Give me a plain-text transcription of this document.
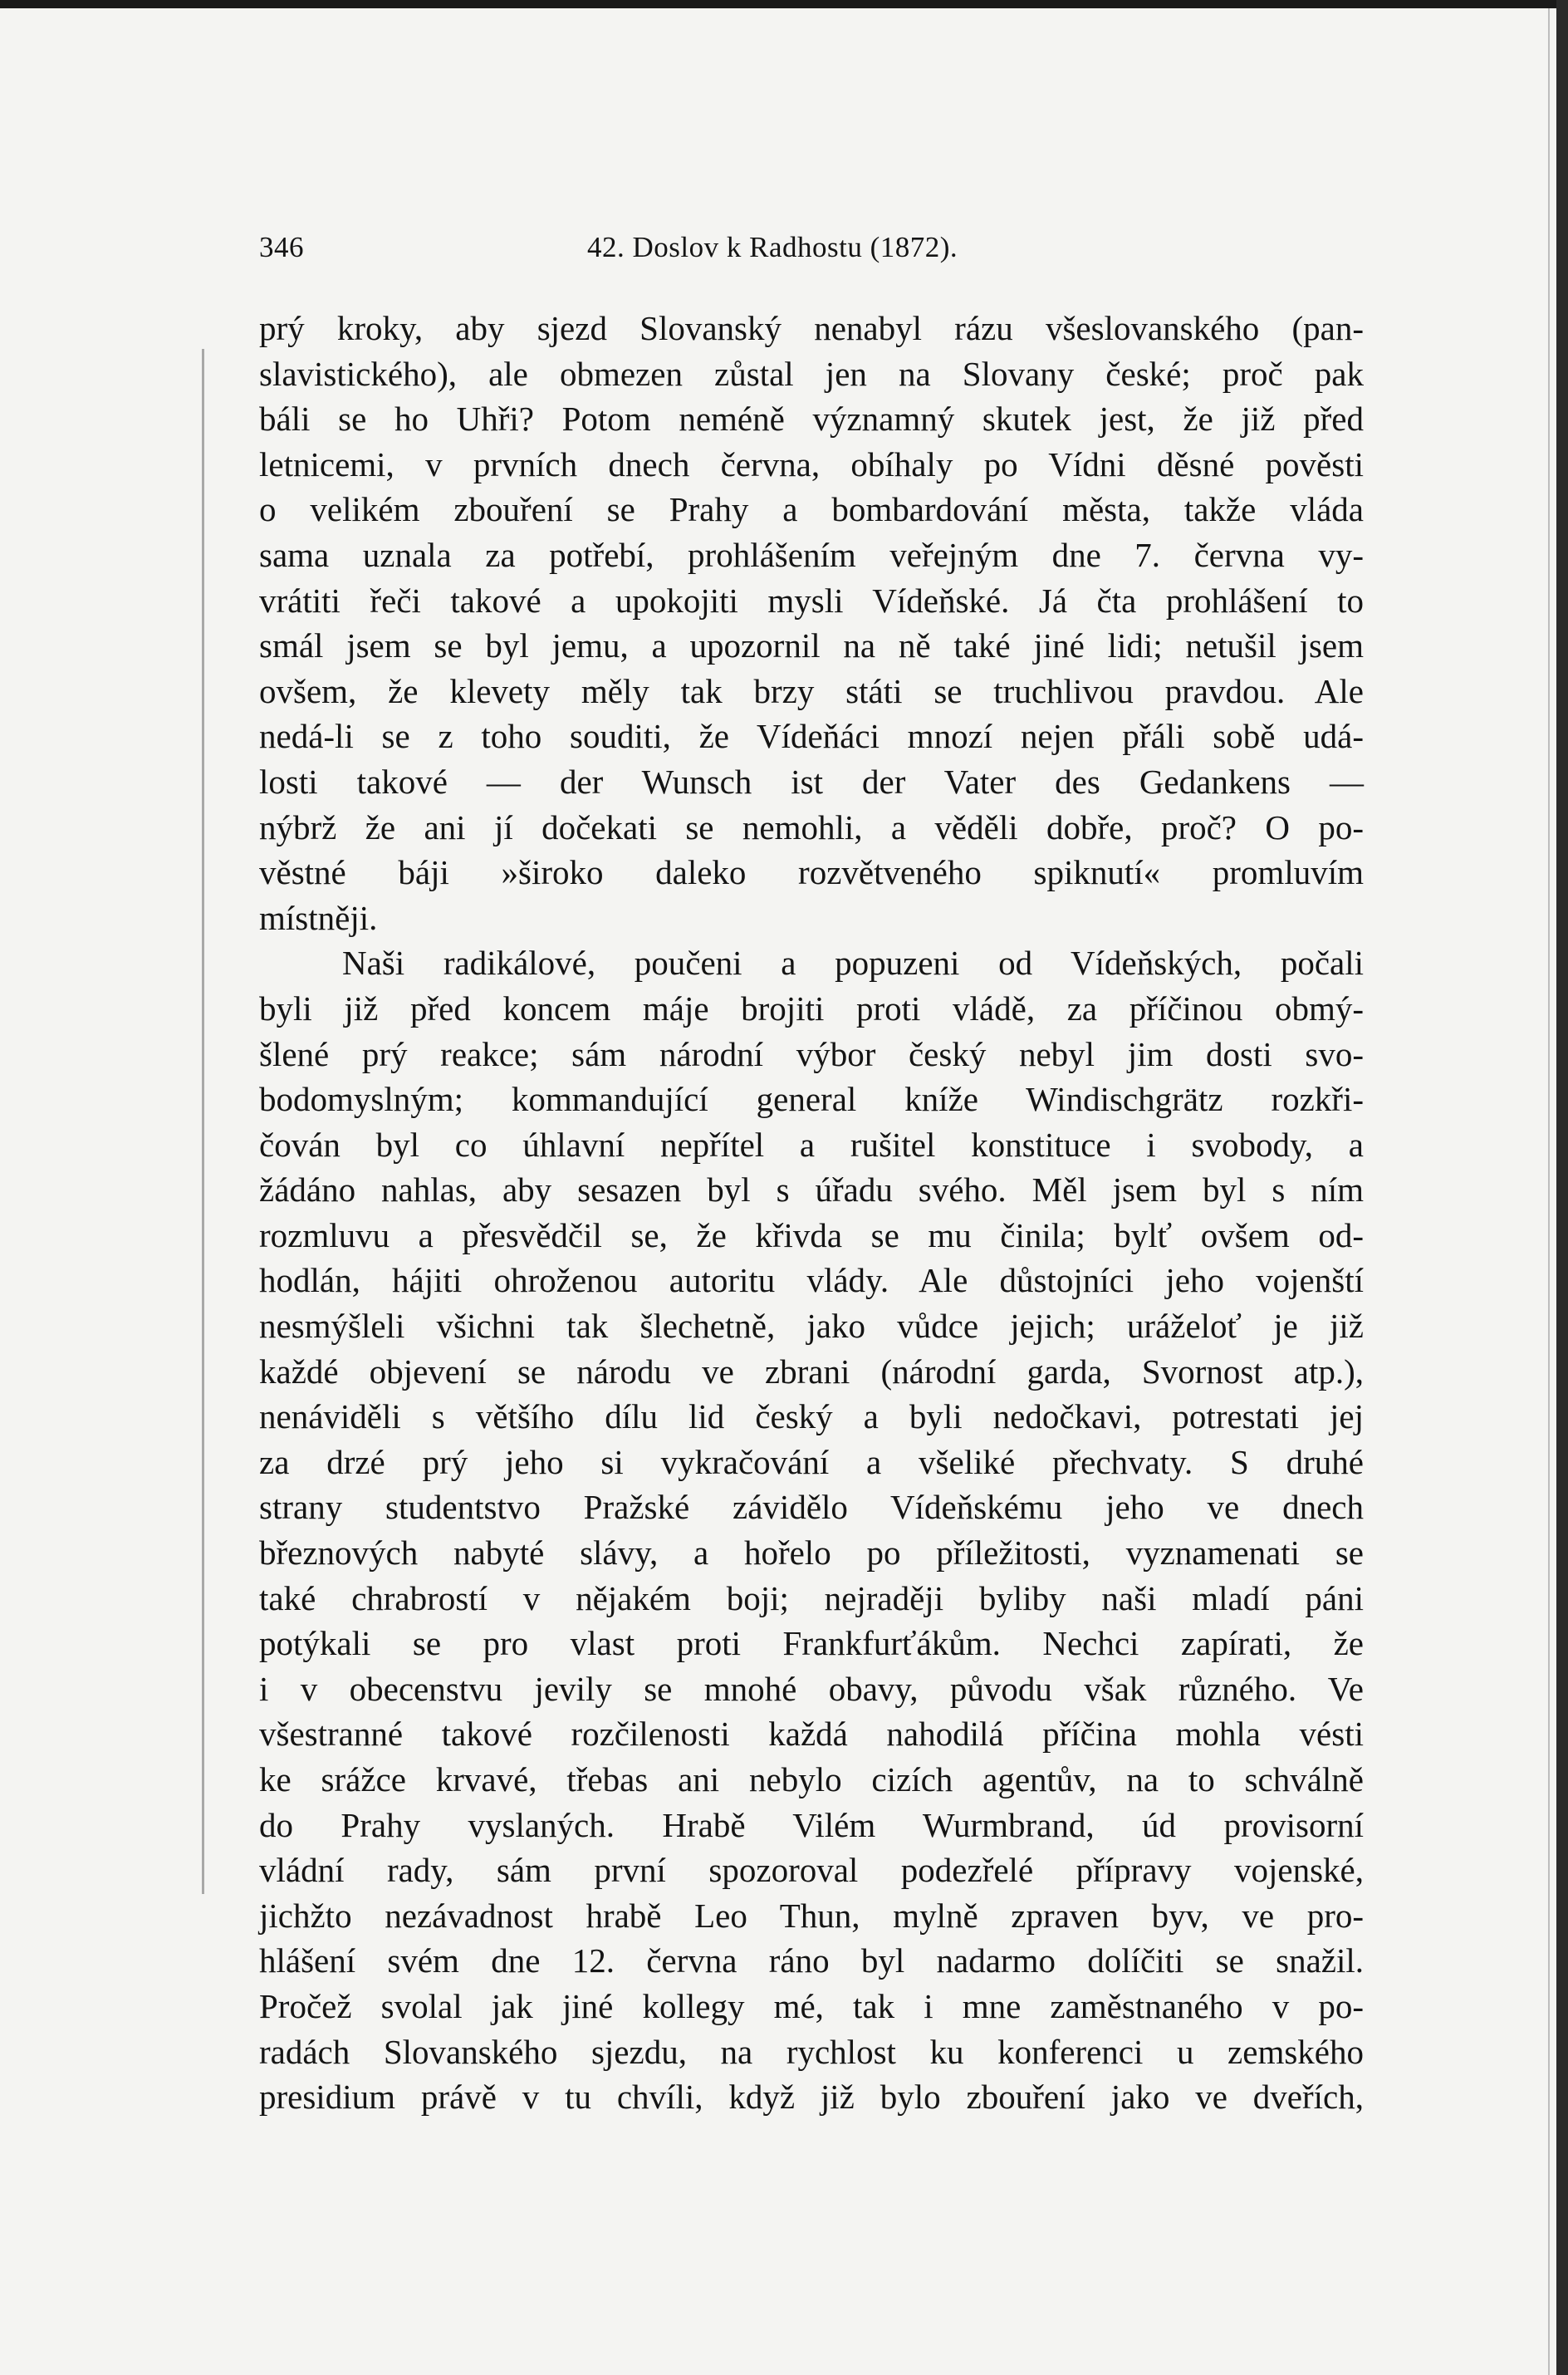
346	42. Doslov k Radhostu (1872).

prý kroky, aby sjezd Slovanský nenabyl rázu všeslovanského (pan-

slavistického), ale obmezen zůstal jen na Slovany české; proč pak

báli se ho Uhři? Potom neméně významný skutek jest, že již před

letnicemi, v prvních dnech června, obíhaly po Vídni děsné pověsti

o velikém zbouření se Prahy a bombardování města, takže vláda

sama uznala za potřebí, prohlášením veřejným dne 7. června vy-

vrátiti řeči takové a upokojiti mysli Vídeňské. Já čta prohlášení to

smál jsem se byl jemu, a upozornil na ně také jiné lidi; netušil jsem

ovšem, že klevety měly tak brzy státi se truchlivou pravdou. Ale

nedá-li se z toho souditi, že Vídeňáci mnozí nejen přáli sobě udá-

losti takové — der Wunsch ist der Vater des Gedankens —

nýbrž že ani jí dočekati se nemohli, a věděli dobře, proč? O po-

věstné báji »široko daleko rozvětveného spiknutí« promluvím

místněji.

Naši radikálové, poučeni a popuzeni od Vídeňských, počali

byli již před koncem máje brojiti proti vládě, za příčinou obmý-

šlené prý reakce; sám národní výbor český nebyl jim dosti svo-

bodomyslným; kommandující general kníže Windischgrätz rozkři-

čován byl co úhlavní nepřítel a rušitel konstituce i svobody, a

žádáno nahlas, aby sesazen byl s úřadu svého. Měl jsem byl s ním

rozmluvu a přesvědčil se, že křivda se mu činila; bylť ovšem od-

hodlán, hájiti ohroženou autoritu vlády. Ale důstojníci jeho vojenští

nesmýšleli všichni tak šlechetně, jako vůdce jejich; uráželoť je již

každé objevení se národu ve zbrani (národní garda, Svornost atp.),

nenáviděli s většího dílu lid český a byli nedočkavi, potrestati jej

za drzé prý jeho si vykračování a všeliké přechvaty. S druhé

strany studentstvo Pražské závidělo Vídeňskému jeho ve dnech

březnových nabyté slávy, a hořelo po příležitosti, vyznamenati se

také chrabrostí v nějakém boji; nejraději byliby naši mladí páni

potýkali se pro vlast proti Frankfurťákům. Nechci zapírati, že

i v obecenstvu jevily se mnohé obavy, původu však různého. Ve

všestranné takové rozčilenosti každá nahodilá příčina mohla vésti

ke srážce krvavé, třebas ani nebylo cizích agentův, na to schválně

do Prahy vyslaných. Hrabě Vilém Wurmbrand, úd provisorní

vládní rady, sám první spozoroval podezřelé přípravy vojenské,

jichžto nezávadnost hrabě Leo Thun, mylně zpraven byv, ve pro-

hlášení svém dne 12. června ráno byl nadarmo dolíčiti se snažil.

Pročež svolal jak jiné kollegy mé, tak i mne zaměstnaného v po-

radách Slovanského sjezdu, na rychlost ku konferenci u zemského

presidium právě v tu chvíli, když již bylo zbouření jako ve dveřích,
